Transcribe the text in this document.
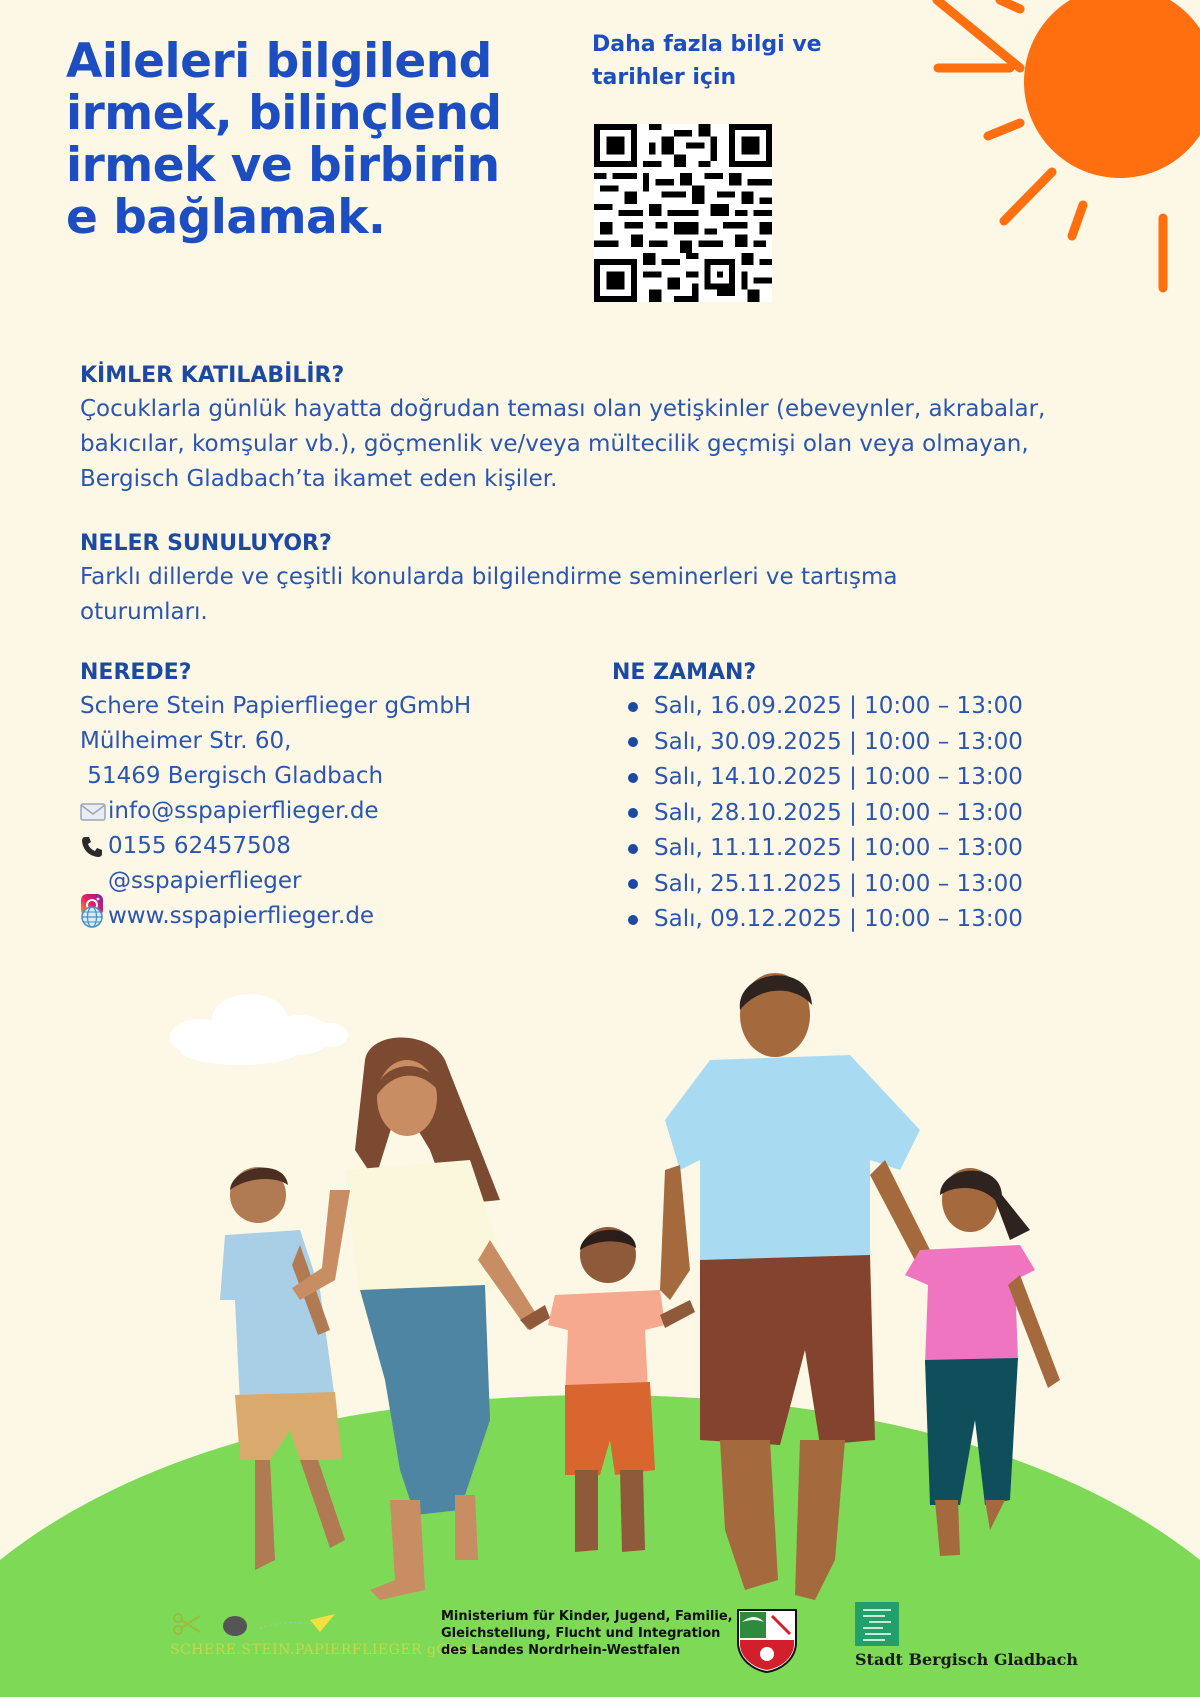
Aileleri bilgilendirmek, bilinçlendirmek ve birbirine bağlamak.
Daha fazla bilgi ve tarihler için
KİMLER KATILABİLİR?

Çocuklarla günlük hayatta doğrudan teması olan yetişkinler (ebeveynler, akrabalar, bakıcılar, komşular vb.), göçmenlik ve/veya mültecilik geçmişi olan veya olmayan, Bergisch Gladbach’ta ikamet eden kişiler.

NELER SUNULUYOR?

Farklı dillerde ve çeşitli konularda bilgilendirme seminerleri ve tartışma oturumları.

NEREDE?
Schere Stein Papierflieger gGmbH
Mülheimer Str. 60,
51469 Bergisch Gladbach
info@sspapierflieger.de
0155 62457508
@sspapierflieger
www.sspapierflieger.de
NE ZAMAN?
Salı, 16.09.2025 | 10:00 – 13:00
Salı, 30.09.2025 | 10:00 – 13:00
Salı, 14.10.2025 | 10:00 – 13:00
Salı, 28.10.2025 | 10:00 – 13:00
Salı, 11.11.2025 | 10:00 – 13:00
Salı, 25.11.2025 | 10:00 – 13:00
Salı, 09.12.2025 | 10:00 – 13:00
SCHERE.STEIN.PAPIERFLIEGER gGmbH
Ministerium für Kinder, Jugend, Familie, Gleichstellung, Flucht und Integration des Landes Nordrhein-Westfalen	Stadt Bergisch Gladbach
